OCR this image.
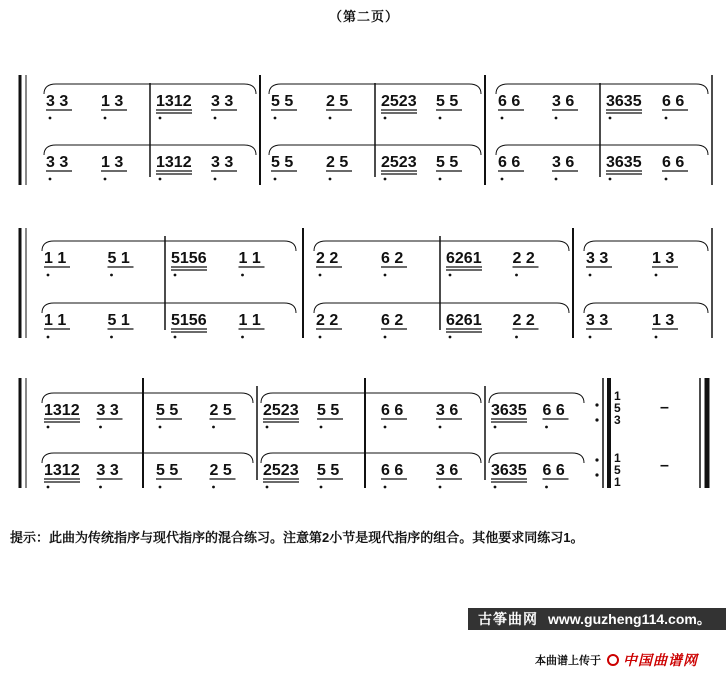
（第二页）
3 3 1 3
3 3 1 3
1312 3 3
1312 3 3
5 5 2 5
5 5 2 5
2523 5 5
2523 5 5
6 6 3 6
6 6 3 6
3635 6 6
3635 6 6
1 1	5 1
1 1	5 1
5156 1 1
5156 1 1
2 2	6 2
2 2	6 2
6261 2 2
6261 2 2
3 3	1 3
3 3	1 3
1312 3 3
1312 3 3
5 5 2 5
5 5 2 5
2523 5 5
2523 5 5
6 6 3 6
6 6 3 6
3635 6 6
3635 6 6
1
5
3
1
5
1
–
–
提示：此曲为传统指序与现代指序的混合练习。注意第2小节是现代指序的组合。其他要求同练习1。
古筝曲网 www.guzheng114.com。
本曲谱上传于 中国曲谱网
